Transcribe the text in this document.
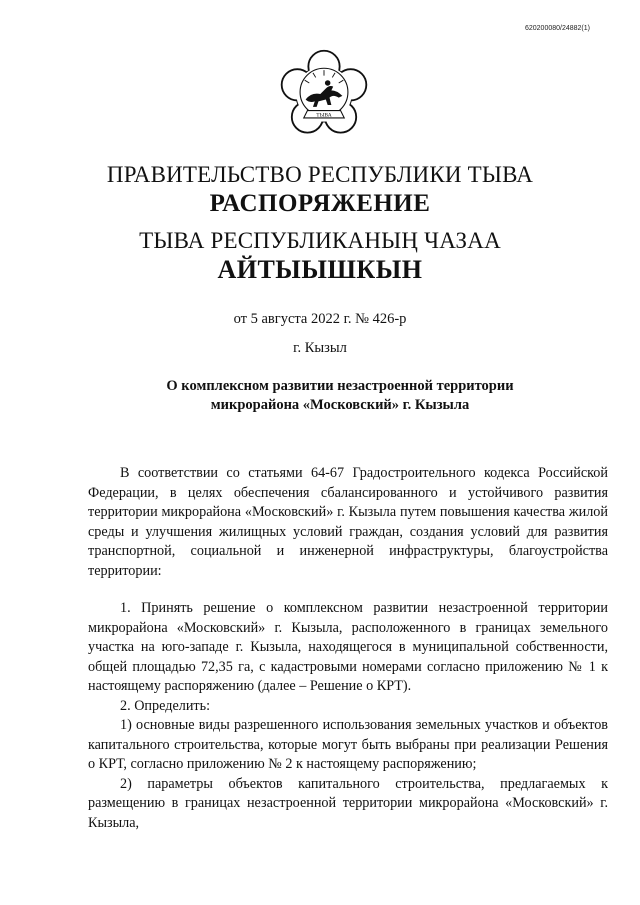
620200080/24882(1)
ТЫВА
ПРАВИТЕЛЬСТВО РЕСПУБЛИКИ ТЫВА
РАСПОРЯЖЕНИЕ
ТЫВА РЕСПУБЛИКАНЫҢ ЧАЗАА
АЙТЫЫШКЫН
от 5 августа 2022 г. № 426-р
г. Кызыл
О комплексном развитии незастроенной территории микрорайона «Московский» г. Кызыла

В соответствии со статьями 64-67 Градостроительного кодекса Российской Федерации, в целях обеспечения сбалансированного и устойчивого развития территории микрорайона «Московский» г. Кызыла путем повышения качества жилой среды и улучшения жилищных условий граждан, создания условий для развития транспортной, социальной и инженерной инфраструктуры, благоустройства территории:

1. Принять решение о комплексном развитии незастроенной территории микрорайона «Московский» г. Кызыла, расположенного в границах земельного участка на юго-западе г. Кызыла, находящегося в муниципальной собственности, общей площадью 72,35 га, с кадастровыми номерами согласно приложению № 1 к настоящему распоряжению (далее – Решение о КРТ).

2. Определить:

1) основные виды разрешенного использования земельных участков и объектов капитального строительства, которые могут быть выбраны при реализации Решения о КРТ, согласно приложению № 2 к настоящему распоряжению;

2) параметры объектов капитального строительства, предлагаемых к размещению в границах незастроенной территории микрорайона «Московский» г. Кызыла,
